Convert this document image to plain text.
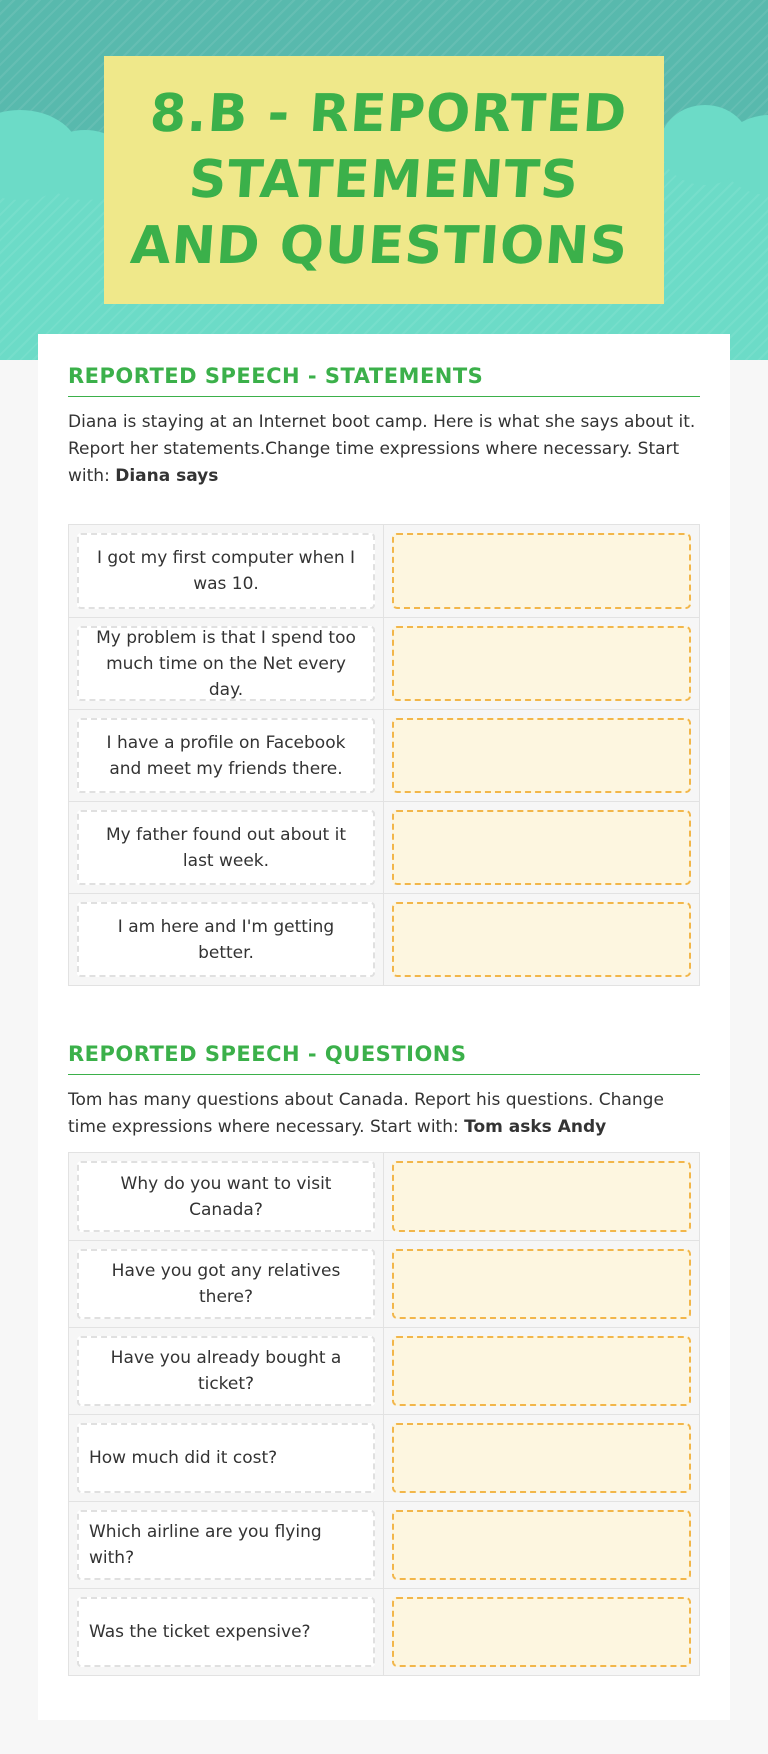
8.B - REPORTED STATEMENTS AND QUESTIONS
REPORTED SPEECH - STATEMENTS

Diana is staying at an Internet boot camp. Here is what she says about it. Report her statements.Change time expressions where necessary. Start with: Diana says

I got my first computer when I was 10.
My problem is that I spend too much time on the Net every day.
I have a profile on Facebook and meet my friends there.
My father found out about it last week.
I am here and I'm getting better.
REPORTED SPEECH - QUESTIONS

Tom has many questions about Canada. Report his questions. Change time expressions where necessary. Start with: Tom asks Andy

Why do you want to visit Canada?
Have you got any relatives there?
Have you already bought a ticket?
How much did it cost?
Which airline are you flying with?
Was the ticket expensive?
